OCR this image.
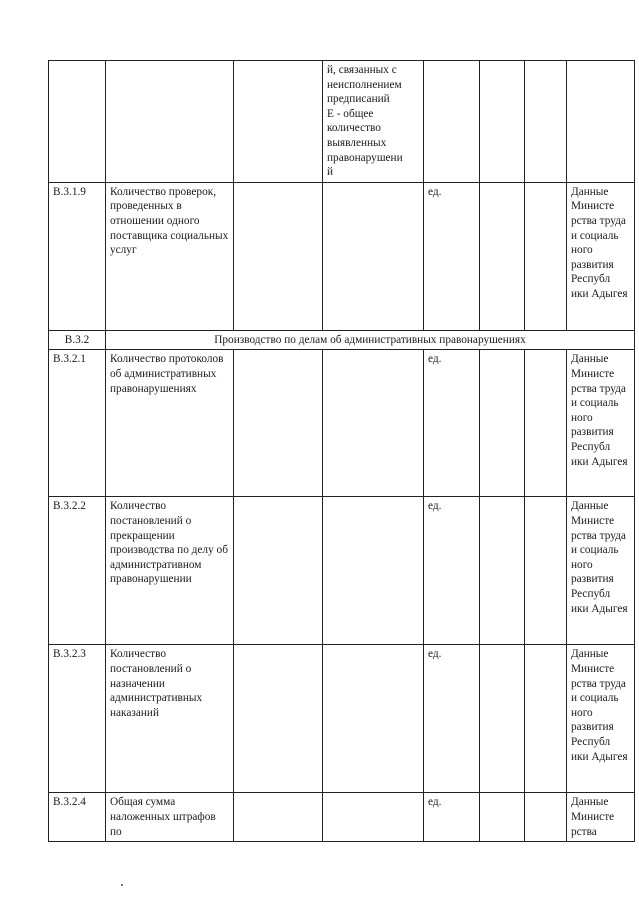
			й, связанных с неисполнением предписаний
Е - общее количество выявленных правонарушени
й				
В.3.1.9	Количество проверок, проведенных в отношении одного поставщика социальных услуг			ед.			Данные Министе рства труда и социаль ного развития Республ ики Адыгея
В.3.2	Производство по делам об административных правонарушениях						
В.3.2.1	Количество протоколов об административных правонарушениях			ед.			Данные Министе рства труда и социаль ного развития Республ ики Адыгея
В.3.2.2	Количество постановлений о прекращении производства по делу об административном правонарушении			ед.			Данные Министе рства труда и социаль ного развития Республ ики Адыгея
В.3.2.3	Количество постановлений о назначении административных наказаний			ед.			Данные Министе рства труда и социаль ного развития Республ ики Адыгея
В.3.2.4	Общая сумма наложенных штрафов по			ед.			Данные Министе рства
